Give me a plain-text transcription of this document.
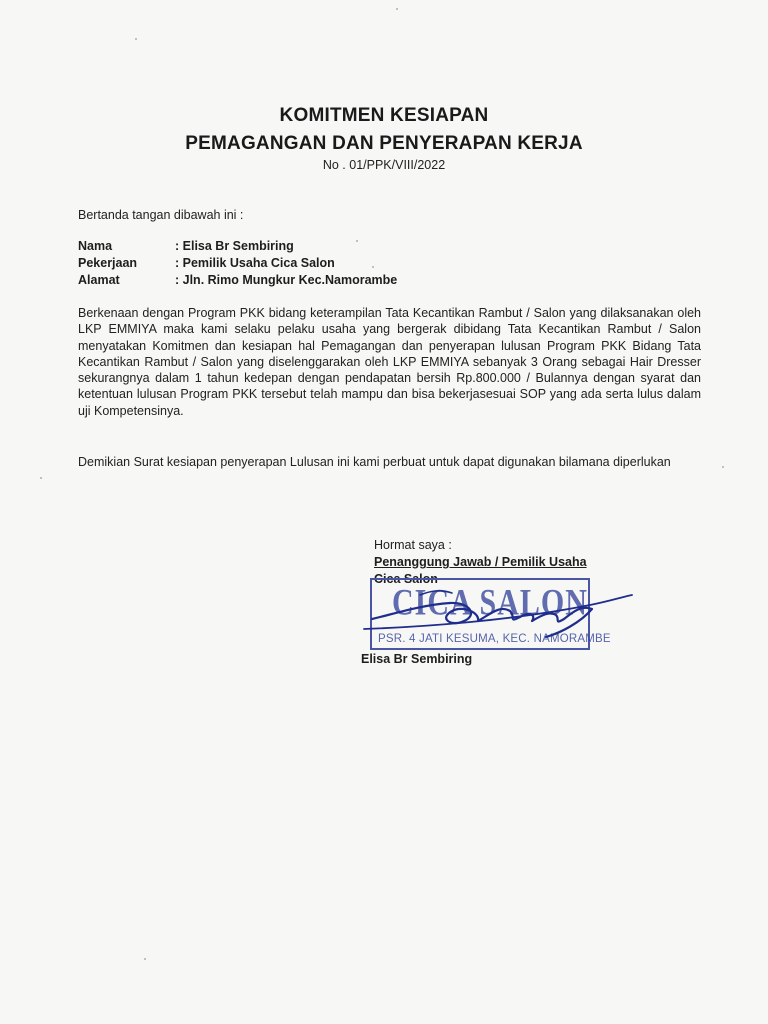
KOMITMEN KESIAPAN
PEMAGANGAN DAN PENYERAPAN KERJA
No . 01/PPK/VIII/2022
Bertanda tangan dibawah ini :
Nama	: Elisa Br Sembiring
Pekerjaan	: Pemilik Usaha Cica Salon
Alamat	: Jln. Rimo Mungkur Kec.Namorambe
Berkenaan dengan Program PKK bidang keterampilan Tata Kecantikan Rambut / Salon yang dilaksanakan oleh LKP EMMIYA maka kami selaku pelaku usaha yang bergerak dibidang Tata Kecantikan Rambut / Salon menyatakan Komitmen dan kesiapan hal Pemagangan dan penyerapan lulusan Program PKK Bidang Tata Kecantikan Rambut / Salon yang diselenggarakan oleh LKP EMMIYA sebanyak 3 Orang sebagai Hair Dresser sekurangnya dalam 1 tahun kedepan dengan pendapatan bersih Rp.800.000 / Bulannya dengan syarat dan ketentuan lulusan Program PKK tersebut telah mampu dan bisa bekerjasesuai SOP yang ada serta lulus dalam uji Kompetensinya.
Demikian Surat kesiapan penyerapan Lulusan ini kami perbuat untuk dapat digunakan bilamana diperlukan
Hormat saya :
Penanggung Jawab / Pemilik Usaha
Cica Salon
CICA SALON
PSR. 4 JATI KESUMA, KEC. NAMORAMBE
Elisa Br Sembiring
